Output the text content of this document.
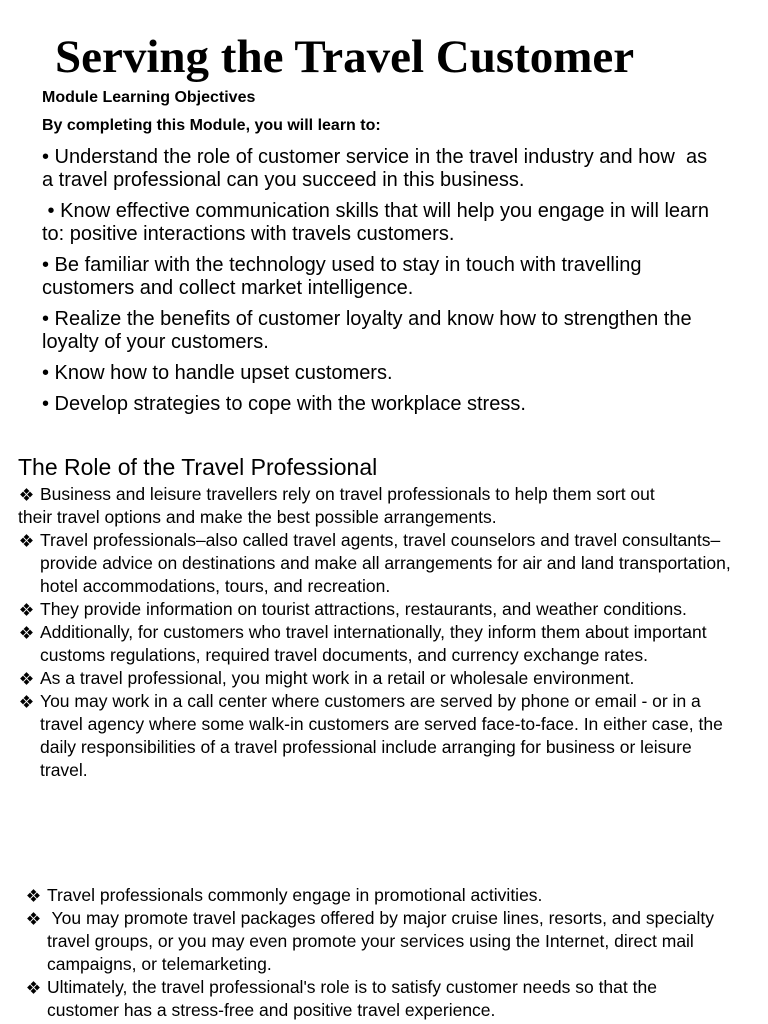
Serving the Travel Customer
Module Learning Objectives
By completing this Module, you will learn to:
• Understand the role of customer service in the travel industry and how  as
a travel professional can you succeed in this business.
• Know effective communication skills that will help you engage in will learn
to: positive interactions with travels customers.
• Be familiar with the technology used to stay in touch with travelling
customers and collect market intelligence.
• Realize the benefits of customer loyalty and know how to strengthen the
loyalty of your customers.
• Know how to handle upset customers.
• Develop strategies to cope with the workplace stress.
The Role of the Travel Professional
Business and leisure travellers rely on travel professionals to help them sort out
their travel options and make the best possible arrangements.
Travel professionals–also called travel agents, travel counselors and travel consultants–
provide advice on destinations and make all arrangements for air and land transportation,
hotel accommodations, tours, and recreation.
They provide information on tourist attractions, restaurants, and weather conditions.
Additionally, for customers who travel internationally, they inform them about important
customs regulations, required travel documents, and currency exchange rates.
As a travel professional, you might work in a retail or wholesale environment.
You may work in a call center where customers are served by phone or email - or in a
travel agency where some walk-in customers are served face-to-face. In either case, the
daily responsibilities of a travel professional include arranging for business or leisure
travel.
Travel professionals commonly engage in promotional activities.
You may promote travel packages offered by major cruise lines, resorts, and specialty
travel groups, or you may even promote your services using the Internet, direct mail
campaigns, or telemarketing.
Ultimately, the travel professional's role is to satisfy customer needs so that the
customer has a stress-free and positive travel experience.
